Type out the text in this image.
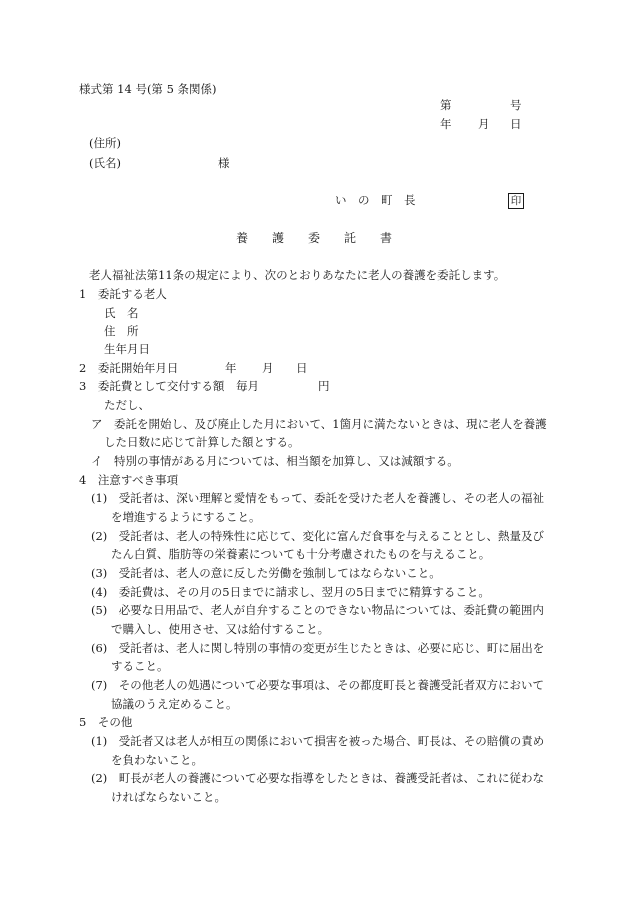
様式第 14 号(第 5 条関係)
第	号
年 月 日
(住所)
(氏名)	様
い　の　町　長	印
養　　護　　委　　託　　書
老人福祉法第11条の規定により、次のとおりあなたに老人の養護を委託します。
1　委託する老人
氏　名
住　所
生年月日
2　委託開始年月日	年 月 日
3　委託費として交付する額 毎月	円
ただし、
ア　委託を開始し、及び廃止した月において、1箇月に満たないときは、現に老人を養護
した日数に応じて計算した額とする。
イ　特別の事情がある月については、相当額を加算し、又は減額する。
4　注意すべき事項
(1)　受託者は、深い理解と愛情をもって、委託を受けた老人を養護し、その老人の福祉
を増進するようにすること。
(2)　受託者は、老人の特殊性に応じて、変化に富んだ食事を与えることとし、熱量及び
たん白質、脂肪等の栄養素についても十分考慮されたものを与えること。
(3)　受託者は、老人の意に反した労働を強制してはならないこと。
(4)　委託費は、その月の5日までに請求し、翌月の5日までに精算すること。
(5)　必要な日用品で、老人が自弁することのできない物品については、委託費の範囲内
で購入し、使用させ、又は給付すること。
(6)　受託者は、老人に関し特別の事情の変更が生じたときは、必要に応じ、町に届出を
すること。
(7)　その他老人の処遇について必要な事項は、その都度町長と養護受託者双方において
協議のうえ定めること。
5　その他
(1)　受託者又は老人が相互の関係において損害を被った場合、町長は、その賠償の責め
を負わないこと。
(2)　町長が老人の養護について必要な指導をしたときは、養護受託者は、これに従わな
ければならないこと。
